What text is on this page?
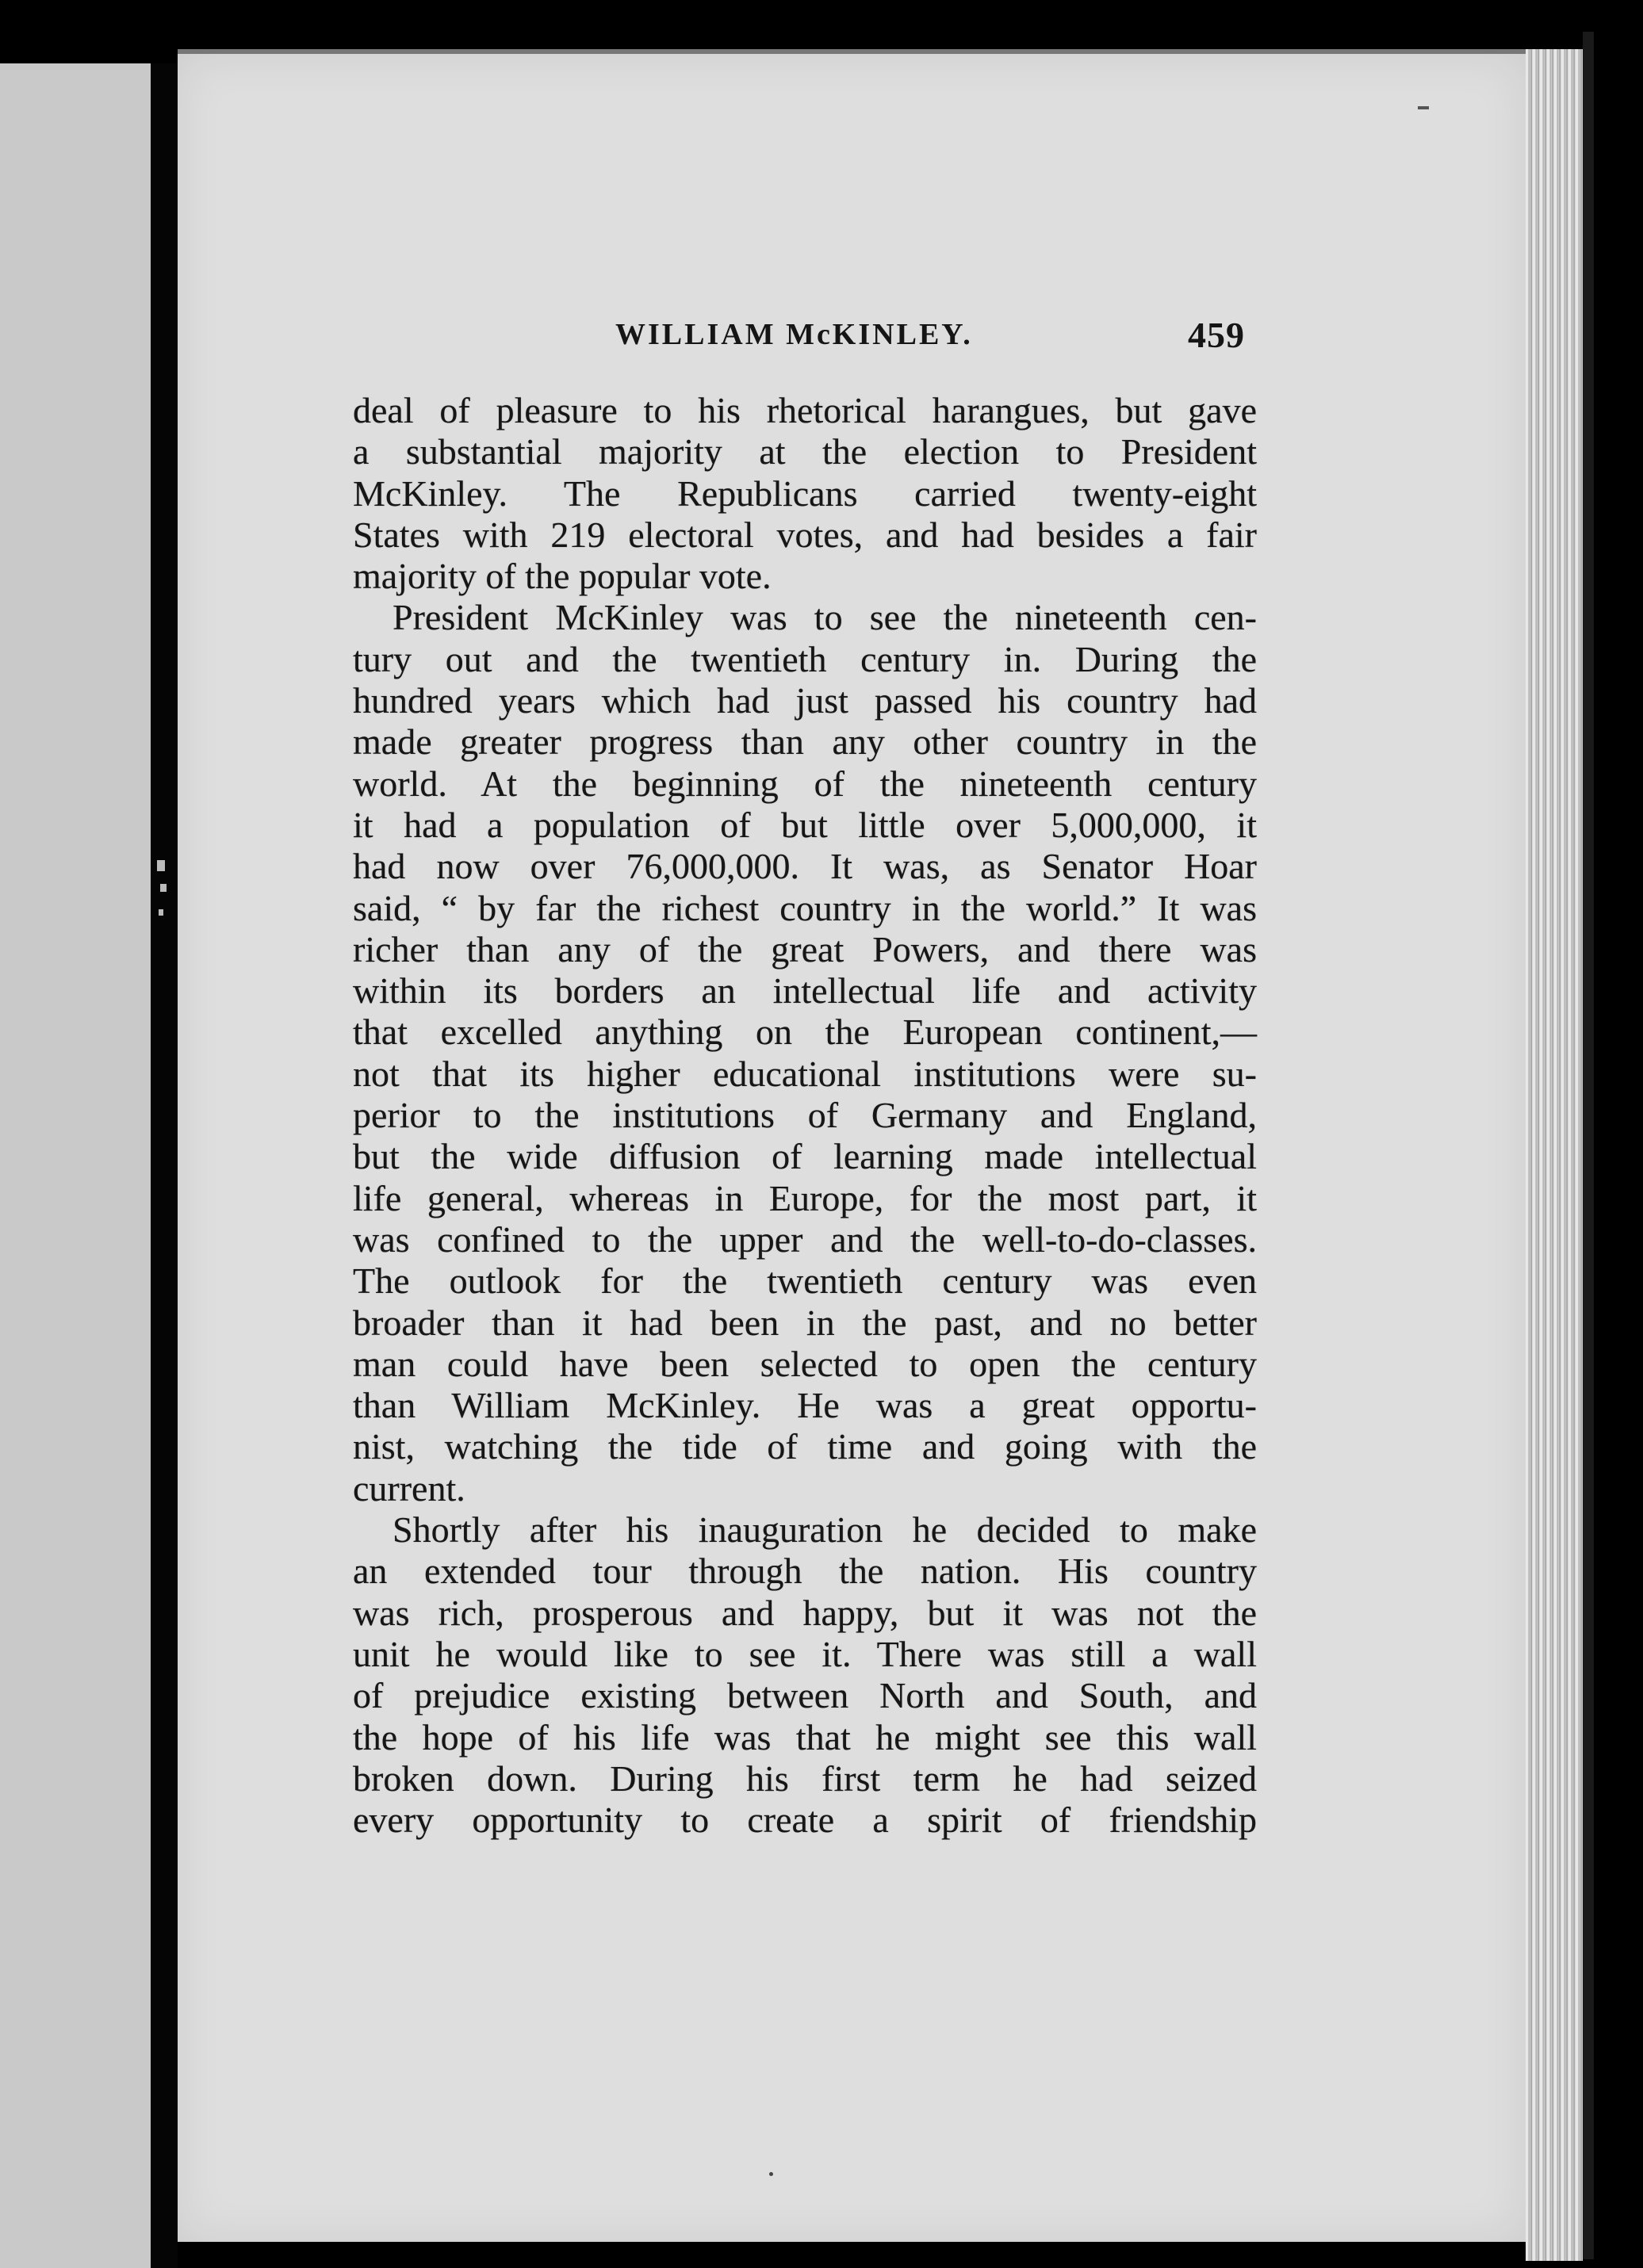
WILLIAM McKINLEY.	459
deal of pleasure to his rhetorical harangues, but gave
a substantial majority at the election to President
McKinley. The Republicans carried twenty-eight
States with 219 electoral votes, and had besides a fair
majority of the popular vote.
President McKinley was to see the nineteenth cen-
tury out and the twentieth century in. During the
hundred years which had just passed his country had
made greater progress than any other country in the
world. At the beginning of the nineteenth century
it had a population of but little over 5,000,000, it
had now over 76,000,000. It was, as Senator Hoar
said, “ by far the richest country in the world.” It was
richer than any of the great Powers, and there was
within its borders an intellectual life and activity
that excelled anything on the European continent,—
not that its higher educational institutions were su-
perior to the institutions of Germany and England,
but the wide diffusion of learning made intellectual
life general, whereas in Europe, for the most part, it
was confined to the upper and the well-to-do-classes.
The outlook for the twentieth century was even
broader than it had been in the past, and no better
man could have been selected to open the century
than William McKinley. He was a great opportu-
nist, watching the tide of time and going with the
current.
Shortly after his inauguration he decided to make
an extended tour through the nation. His country
was rich, prosperous and happy, but it was not the
unit he would like to see it. There was still a wall
of prejudice existing between North and South, and
the hope of his life was that he might see this wall
broken down. During his first term he had seized
every opportunity to create a spirit of friendship
